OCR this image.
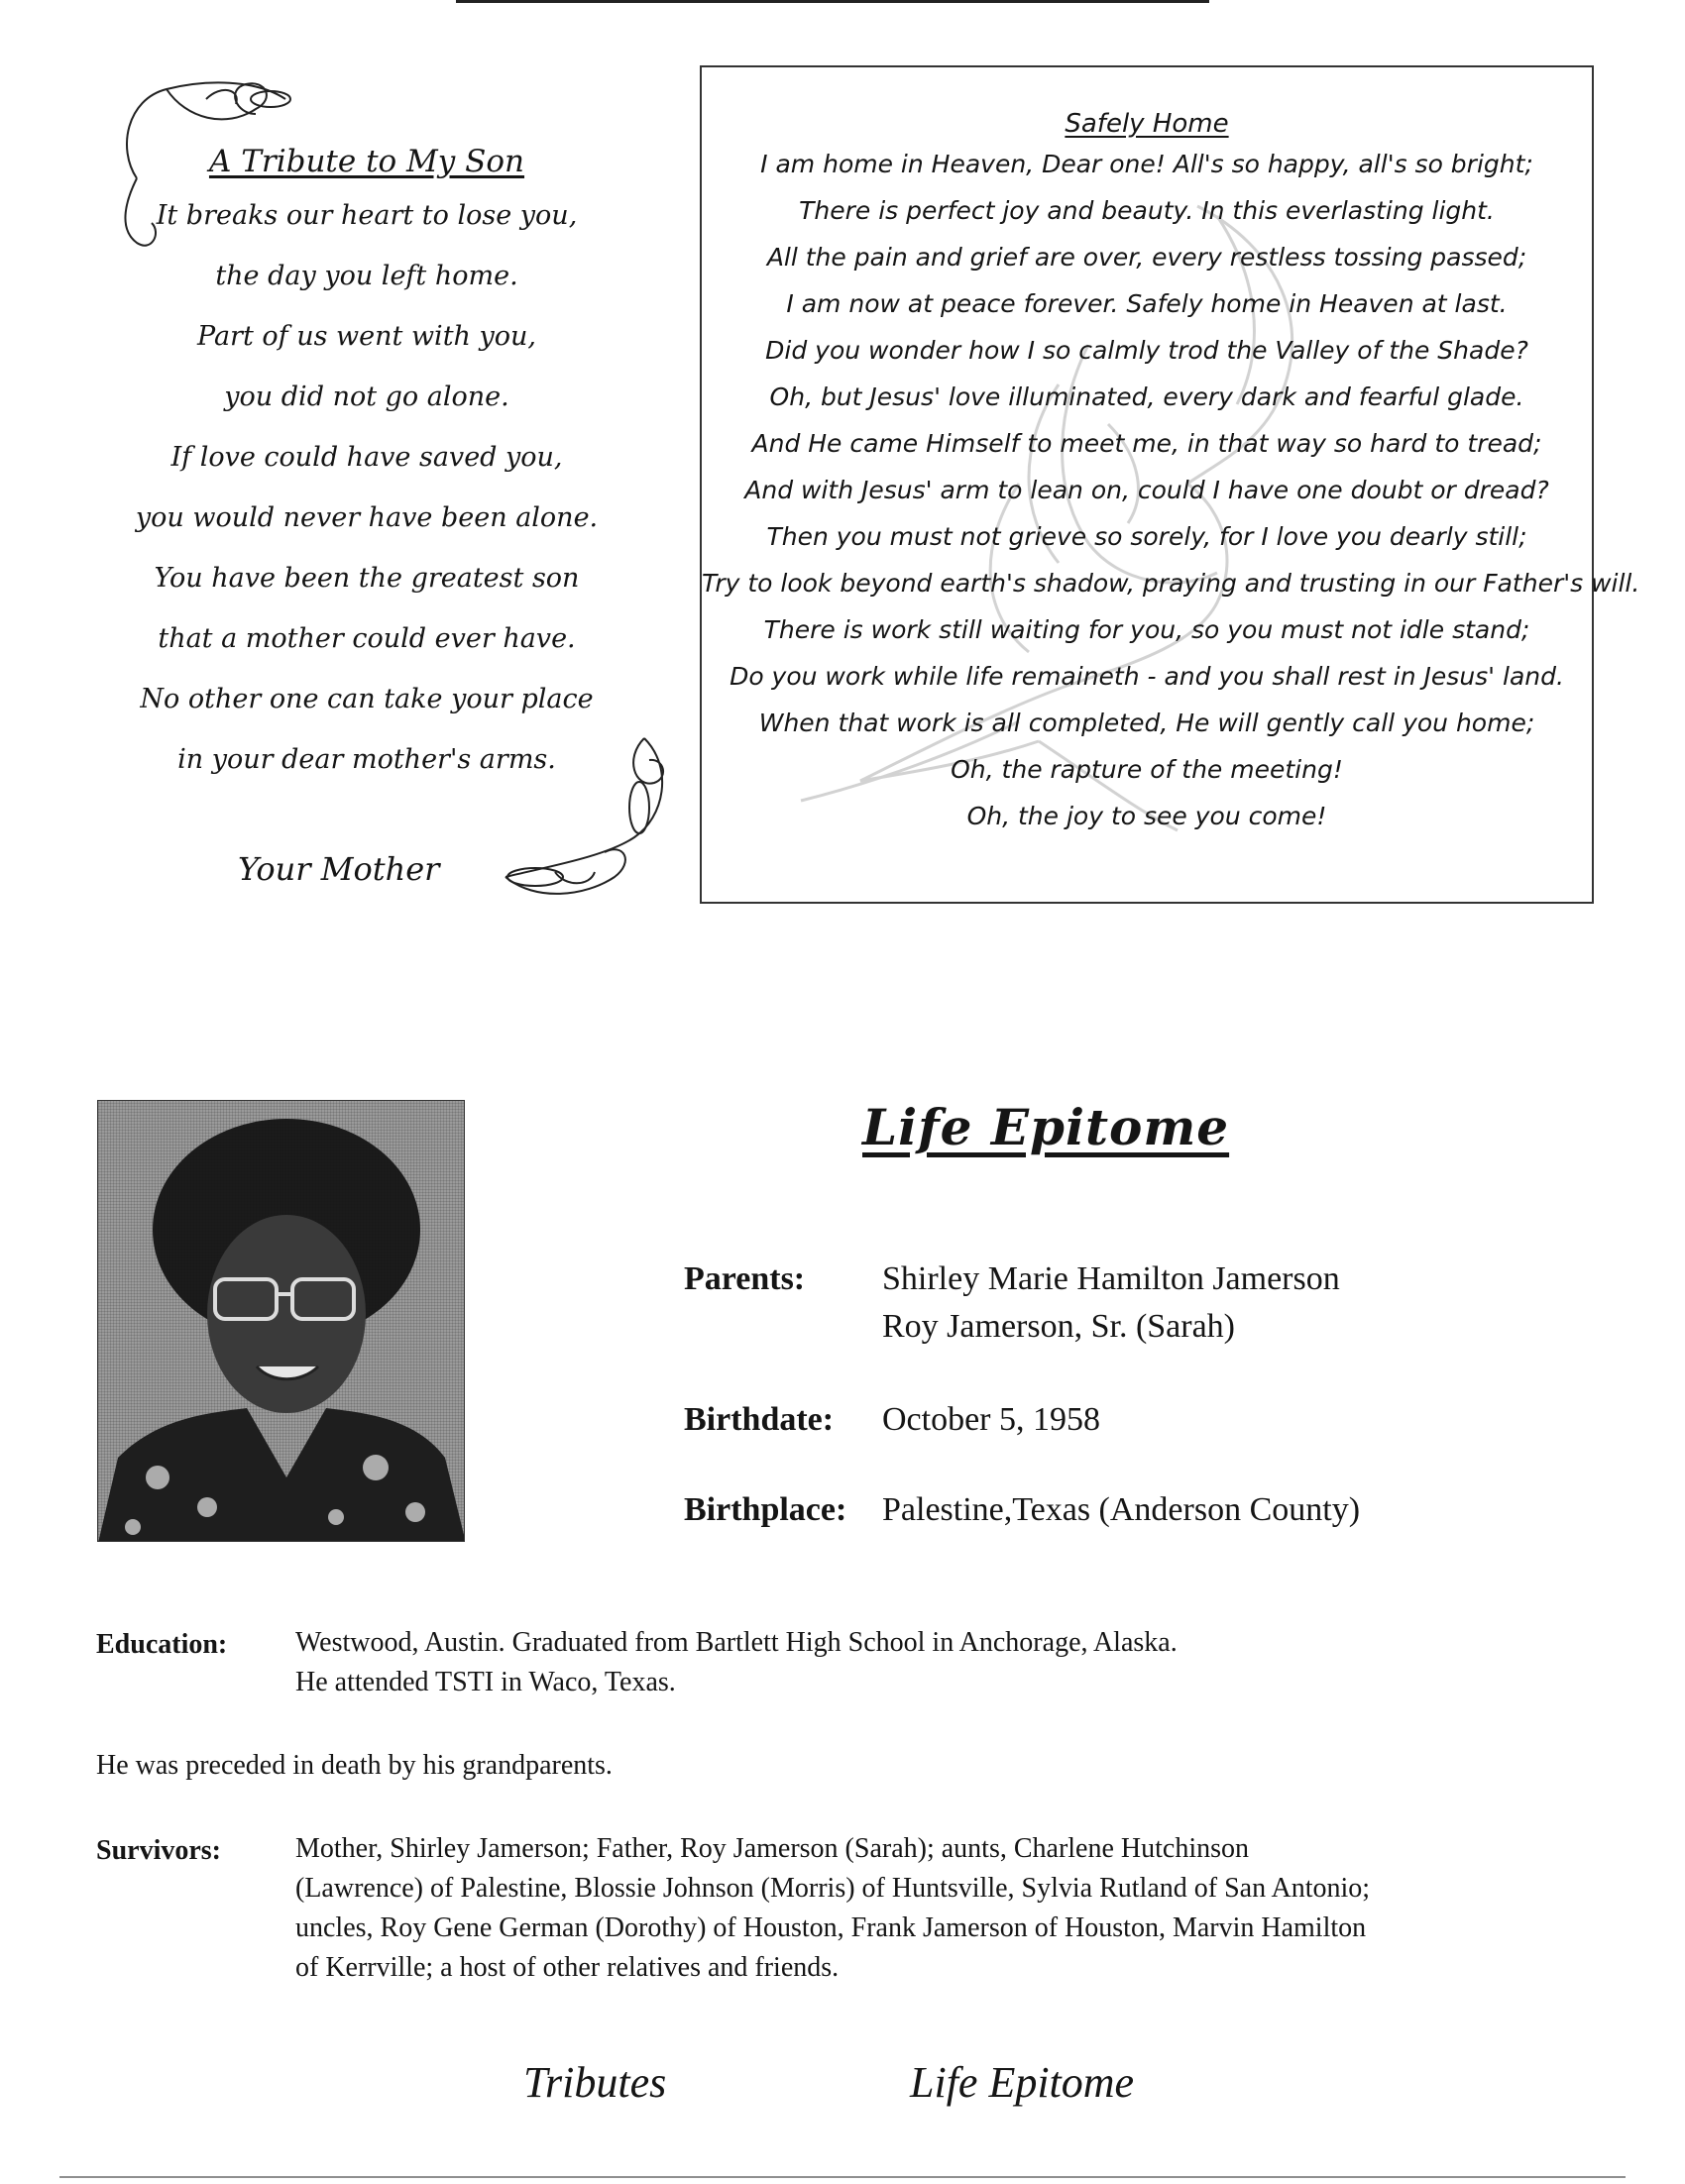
A Tribute to My Son
It breaks our heart to lose you,
the day you left home.
Part of us went with you,
you did not go alone.
If love could have saved you,
you would never have been alone.
You have been the greatest son
that a mother could ever have.
No other one can take your place
in your dear mother's arms.
Your Mother
Safely Home
I am home in Heaven, Dear one! All's so happy, all's so bright;
There is perfect joy and beauty. In this everlasting light.
All the pain and grief are over, every restless tossing passed;
I am now at peace forever. Safely home in Heaven at last.
Did you wonder how I so calmly trod the Valley of the Shade?
Oh, but Jesus' love illuminated, every dark and fearful glade.
And He came Himself to meet me, in that way so hard to tread;
And with Jesus' arm to lean on, could I have one doubt or dread?
Then you must not grieve so sorely, for I love you dearly still;
Try to look beyond earth's shadow, praying and trusting in our Father's will.
There is work still waiting for you, so you must not idle stand;
Do you work while life remaineth - and you shall rest in Jesus' land.
When that work is all completed, He will gently call you home;
Oh, the rapture of the meeting!
Oh, the joy to see you come!
Life Epitome
Parents: Shirley Marie Hamilton Jamerson
Roy Jamerson, Sr. (Sarah)
Birthdate: October 5, 1958
Birthplace: Palestine,Texas (Anderson County)
Education: Westwood, Austin. Graduated from Bartlett High School in Anchorage, Alaska.
He attended TSTI in Waco, Texas.
He was preceded in death by his grandparents.
Survivors:	Mother, Shirley Jamerson; Father, Roy Jamerson (Sarah); aunts, Charlene Hutchinson
(Lawrence) of Palestine, Blossie Johnson (Morris) of Huntsville, Sylvia Rutland of San Antonio;
uncles, Roy Gene German (Dorothy) of Houston, Frank Jamerson of Houston, Marvin Hamilton
of Kerrville; a host of other relatives and friends.
Tributes	Life Epitome
